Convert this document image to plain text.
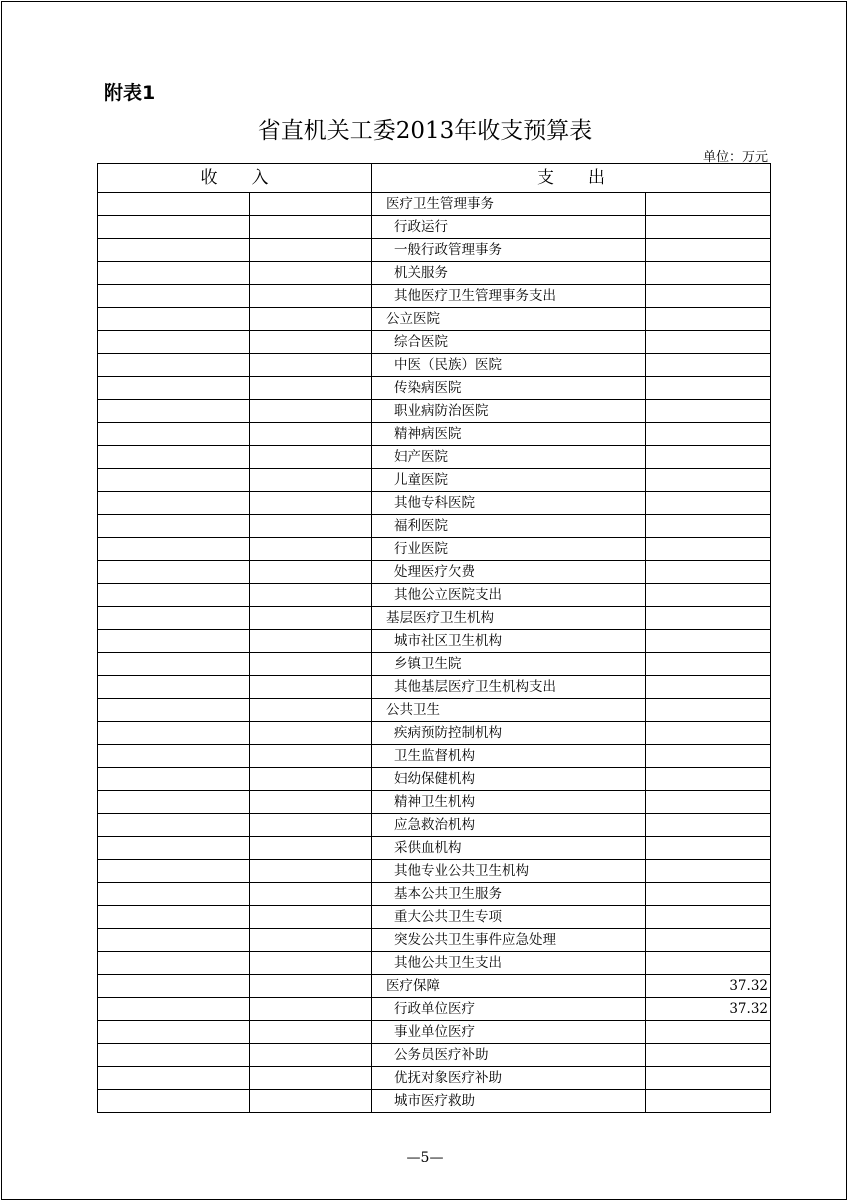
附表1
省直机关工委2013年收支预算表
单位：万元
收　　入		支　　出	
		医疗卫生管理事务	
		行政运行	
		一般行政管理事务	
		机关服务	
		其他医疗卫生管理事务支出	
		公立医院	
		综合医院	
		中医（民族）医院	
		传染病医院	
		职业病防治医院	
		精神病医院	
		妇产医院	
		儿童医院	
		其他专科医院	
		福利医院	
		行业医院	
		处理医疗欠费	
		其他公立医院支出	
		基层医疗卫生机构	
		城市社区卫生机构	
		乡镇卫生院	
		其他基层医疗卫生机构支出	
		公共卫生	
		疾病预防控制机构	
		卫生监督机构	
		妇幼保健机构	
		精神卫生机构	
		应急救治机构	
		采供血机构	
		其他专业公共卫生机构	
		基本公共卫生服务	
		重大公共卫生专项	
		突发公共卫生事件应急处理	
		其他公共卫生支出	
		医疗保障	37.32
		行政单位医疗	37.32
		事业单位医疗	
		公务员医疗补助	
		优抚对象医疗补助	
		城市医疗救助	
—5—
